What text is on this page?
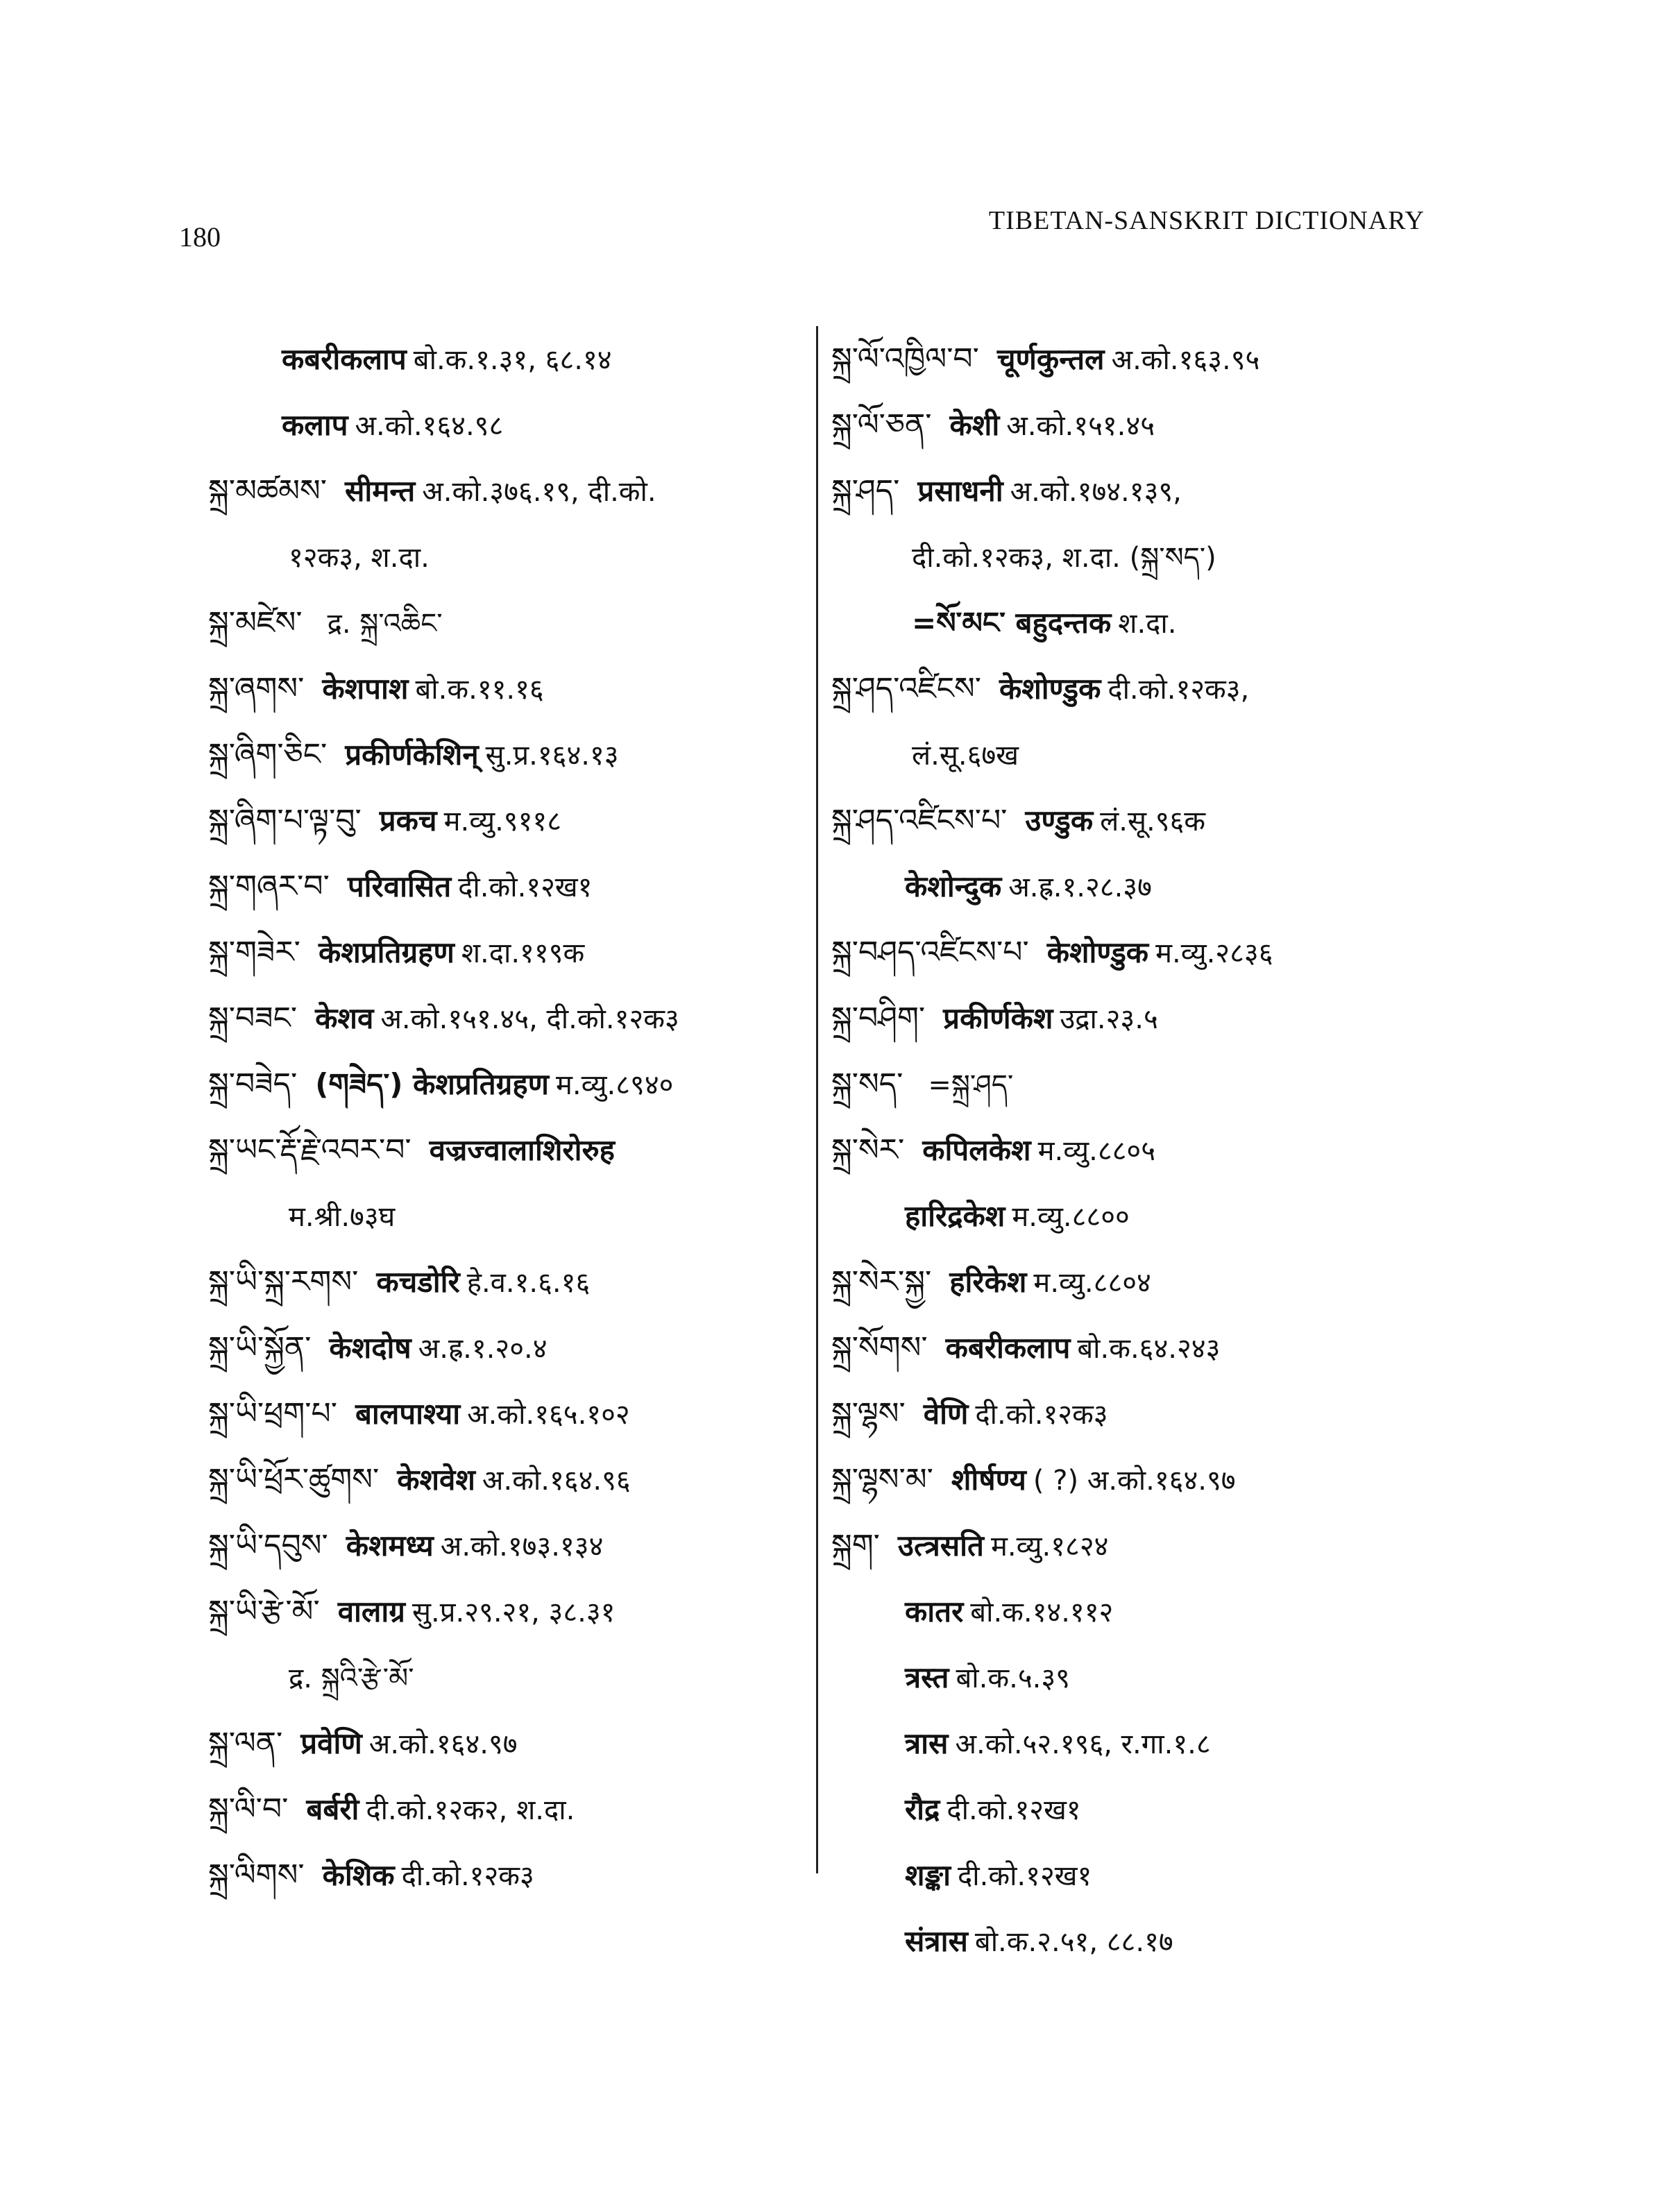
180
TIBETAN-SANSKRIT DICTIONARY
कबरीकलाप बो.क.१.३१, ६८.१४
कलाप अ.को.१६४.९८
སྐྲ་མཚམས་ सीमन्त अ.को.३७६.१९, दी.को.
१२क३, श.दा.
སྐྲ་མཛེས་ द्र. སྐྲ་འཆིང་
སྐྲ་ཞགས་ केशपाश बो.क.११.१६
སྐྲ་ཞིག་ཅིང་ प्रकीर्णकेशिन् सु.प्र.१६४.१३
སྐྲ་ཞིག་པ་ལྟ་བུ་ प्रकच म.व्यु.९११८
སྐྲ་གཞར་བ་ परिवासित दी.को.१२ख१
སྐྲ་གཟེར་ केशप्रतिग्रहण श.दा.११९क
སྐྲ་བཟང་ केशव अ.को.१५१.४५, दी.को.१२क३
སྐྲ་བཟེད་ (གཟེད་) केशप्रतिग्रहण म.व्यु.८९४०
སྐྲ་ཡང་རྡོ་རྗེ་འབར་བ་ वज्रज्वालाशिरोरुह
म.श्री.७३घ
སྐྲ་ཡི་སྐྲ་རགས་ कचडोरि हे.व.१.६.१६
སྐྲ་ཡི་སྐྱོན་ केशदोष अ.ह्र.१.२०.४
སྐྲ་ཡི་ཕྲག་པ་ बालपाश्या अ.को.१६५.१०२
སྐྲ་ཡི་ཕྲོར་ཚུགས་ केशवेश अ.को.१६४.९६
སྐྲ་ཡི་དབུས་ केशमध्य अ.को.१७३.१३४
སྐྲ་ཡི་རྩེ་མོ་ वालाग्र सु.प्र.२९.२१, ३८.३१
द्र. སྐྲའི་རྩེ་མོ་
སྐྲ་ལན་ प्रवेणि अ.को.१६४.९७
སྐྲ་ལི་བ་ बर्बरी दी.को.१२क२, श.दा.
སྐྲ་ལིགས་ केशिक दी.को.१२क३
སྐྲ་ལོ་འཁྱིལ་བ་ चूर्णकुन्तल अ.को.१६३.९५
སྐྲ་ལོ་ཅན་ केशी अ.को.१५१.४५
སྐྲ་ཤད་ प्रसाधनी अ.को.१७४.१३९,
दी.को.१२क३, श.दा. (སྐྲ་སད་)
=སོ་མང་ बहुदन्तक श.दा.
སྐྲ་ཤད་འཛིངས་ केशोण्डुक दी.को.१२क३,
लं.सू.६७ख
སྐྲ་ཤད་འཛིངས་པ་ उण्डुक लं.सू.९६क
केशोन्दुक अ.ह्र.१.२८.३७
སྐྲ་བཤད་འཛིངས་པ་ केशोण्डुक म.व्यु.२८३६
སྐྲ་བཤིག་ प्रकीर्णकेश उद्रा.२३.५
སྐྲ་སད་ =སྐྲ་ཤད་
སྐྲ་སེར་ कपिलकेश म.व्यु.८८०५
हारिद्रकेश म.व्यु.८८००
སྐྲ་སེར་སྐྱ་ हरिकेश म.व्यु.८८०४
སྐྲ་སོགས་ कबरीकलाप बो.क.६४.२४३
སྐྲ་ལྷས་ वेणि दी.को.१२क३
སྐྲ་ལྷས་མ་ शीर्षण्य ( ?) अ.को.१६४.९७
སྐྲག་ उत्त्रसति म.व्यु.१८२४
कातर बो.क.१४.११२
त्रस्त बो.क.५.३९
त्रास अ.को.५२.१९६, र.गा.१.८
रौद्र दी.को.१२ख१
शङ्का दी.को.१२ख१
संत्रास बो.क.२.५१, ८८.१७
